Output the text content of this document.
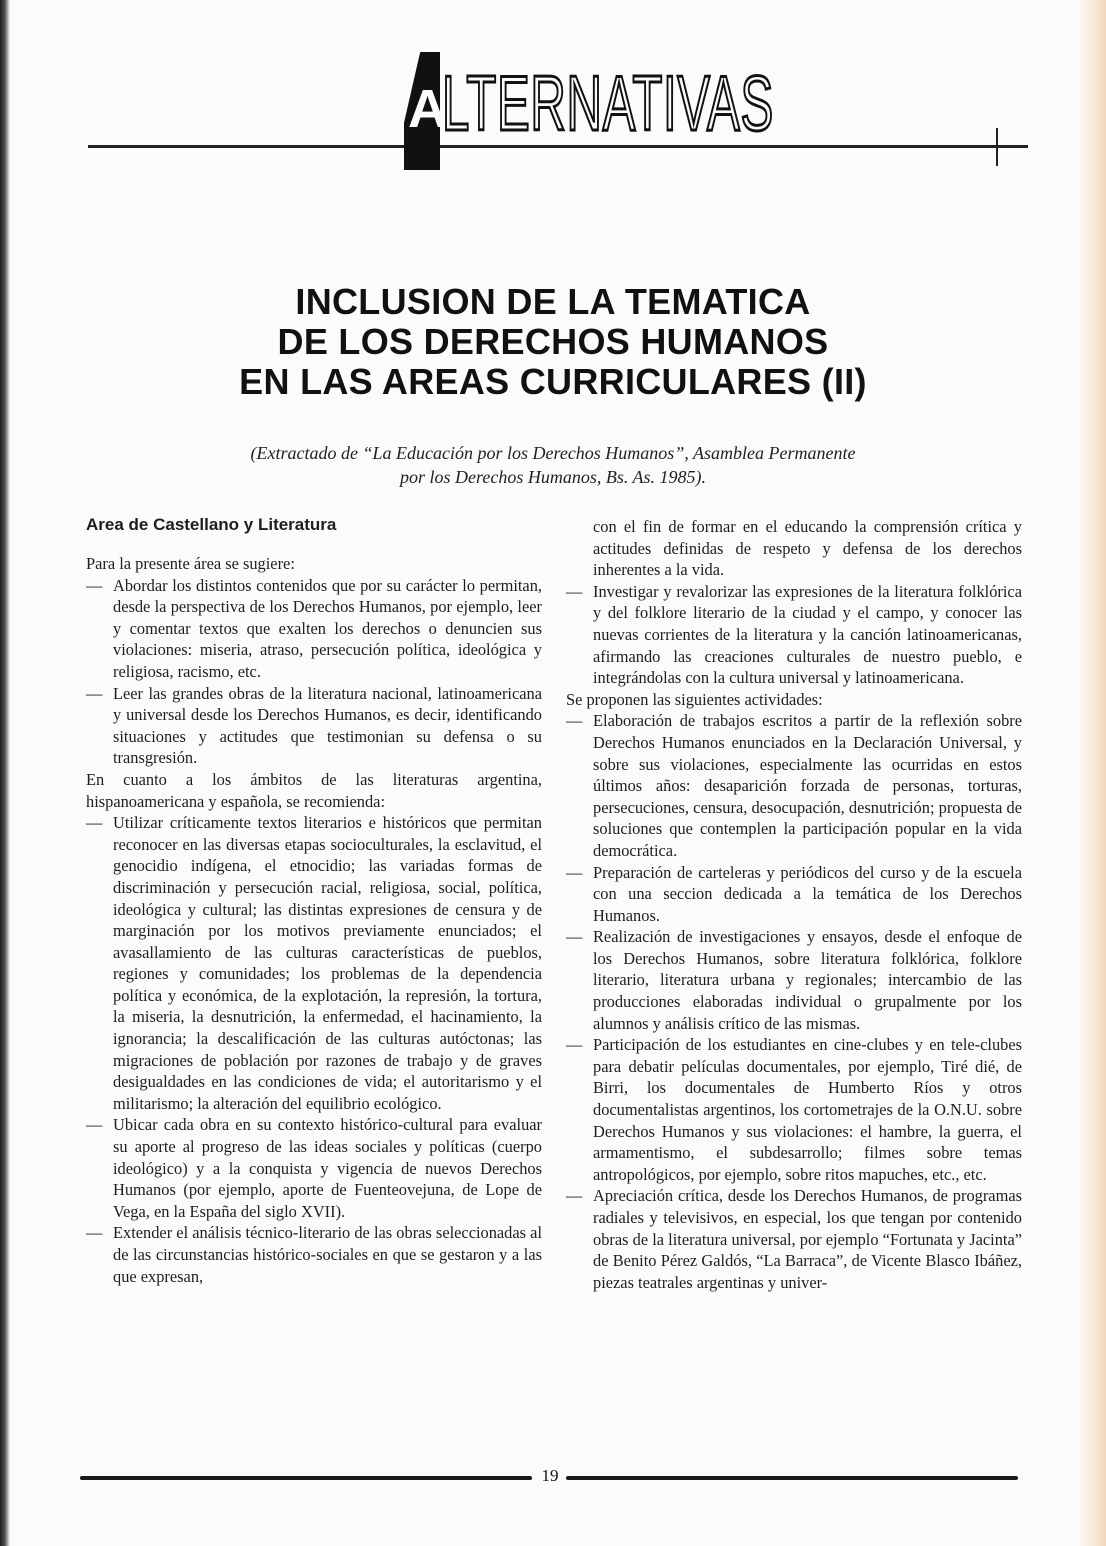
A
LTERNATIVAS
INCLUSION DE LA TEMATICA
DE LOS DERECHOS HUMANOS
EN LAS AREAS CURRICULARES (II)
(Extractado de “La Educación por los Derechos Humanos”, Asamblea Permanente
por los Derechos Humanos, Bs. As. 1985).
Area de Castellano y Literatura

Para la presente área se sugiere:

— Abordar los distintos contenidos que por su carácter lo permitan, desde la perspectiva de los Derechos Humanos, por ejemplo, leer y comentar textos que exalten los derechos o denuncien sus violaciones: miseria, atraso, persecución política, ideológica y religiosa, racismo, etc.
— Leer las grandes obras de la literatura nacional, latinoamericana y universal desde los Derechos Humanos, es decir, identificando situaciones y actitudes que testimonian su defensa o su transgresión.

En cuanto a los ámbitos de las literaturas argentina, hispanoamericana y española, se recomienda:

— Utilizar críticamente textos literarios e históricos que permitan reconocer en las diversas etapas socioculturales, la esclavitud, el genocidio indígena, el etnocidio; las variadas formas de discriminación y persecución racial, religiosa, social, política, ideológica y cultural; las distintas expresiones de censura y de marginación por los motivos previamente enunciados; el avasallamiento de las culturas características de pueblos, regiones y comunidades; los problemas de la dependencia política y económica, de la explotación, la represión, la tortura, la miseria, la desnutrición, la enfermedad, el hacinamiento, la ignorancia; la descalificación de las culturas autóctonas; las migraciones de población por razones de trabajo y de graves desigualdades en las condiciones de vida; el autoritarismo y el militarismo; la alteración del equilibrio ecológico.
— Ubicar cada obra en su contexto histórico-cultural para evaluar su aporte al progreso de las ideas sociales y políticas (cuerpo ideológico) y a la conquista y vigencia de nuevos Derechos Humanos (por ejemplo, aporte de Fuenteovejuna, de Lope de Vega, en la España del siglo XVII).
— Extender el análisis técnico-literario de las obras seleccionadas al de las circunstancias histórico-sociales en que se gestaron y a las que expresan,

con el fin de formar en el educando la comprensión crítica y actitudes definidas de respeto y defensa de los derechos inherentes a la vida.

— Investigar y revalorizar las expresiones de la literatura folklórica y del folklore literario de la ciudad y el campo, y conocer las nuevas corrientes de la literatura y la canción latinoamericanas, afirmando las creaciones culturales de nuestro pueblo, e integrándolas con la cultura universal y latinoamericana.

Se proponen las siguientes actividades:

— Elaboración de trabajos escritos a partir de la reflexión sobre Derechos Humanos enunciados en la Declaración Universal, y sobre sus violaciones, especialmente las ocurridas en estos últimos años: desaparición forzada de personas, torturas, persecuciones, censura, desocupación, desnutrición; propuesta de soluciones que contemplen la participación popular en la vida democrática.
— Preparación de carteleras y periódicos del curso y de la escuela con una seccion dedicada a la temática de los Derechos Humanos.
— Realización de investigaciones y ensayos, desde el enfoque de los Derechos Humanos, sobre literatura folklórica, folklore literario, literatura urbana y regionales; intercambio de las producciones elaboradas individual o grupalmente por los alumnos y análisis crítico de las mismas.
— Participación de los estudiantes en cine-clubes y en tele-clubes para debatir películas documentales, por ejemplo, Tiré dié, de Birri, los documentales de Humberto Ríos y otros documentalistas argentinos, los cortometrajes de la O.N.U. sobre Derechos Humanos y sus violaciones: el hambre, la guerra, el armamentismo, el subdesarrollo; filmes sobre temas antropológicos, por ejemplo, sobre ritos mapuches, etc., etc.
— Apreciación crítica, desde los Derechos Humanos, de programas radiales y televisivos, en especial, los que tengan por contenido obras de la literatura universal, por ejemplo “Fortunata y Jacinta” de Benito Pérez Galdós, “La Barraca”, de Vicente Blasco Ibáñez, piezas teatrales argentinas y univer-
19
